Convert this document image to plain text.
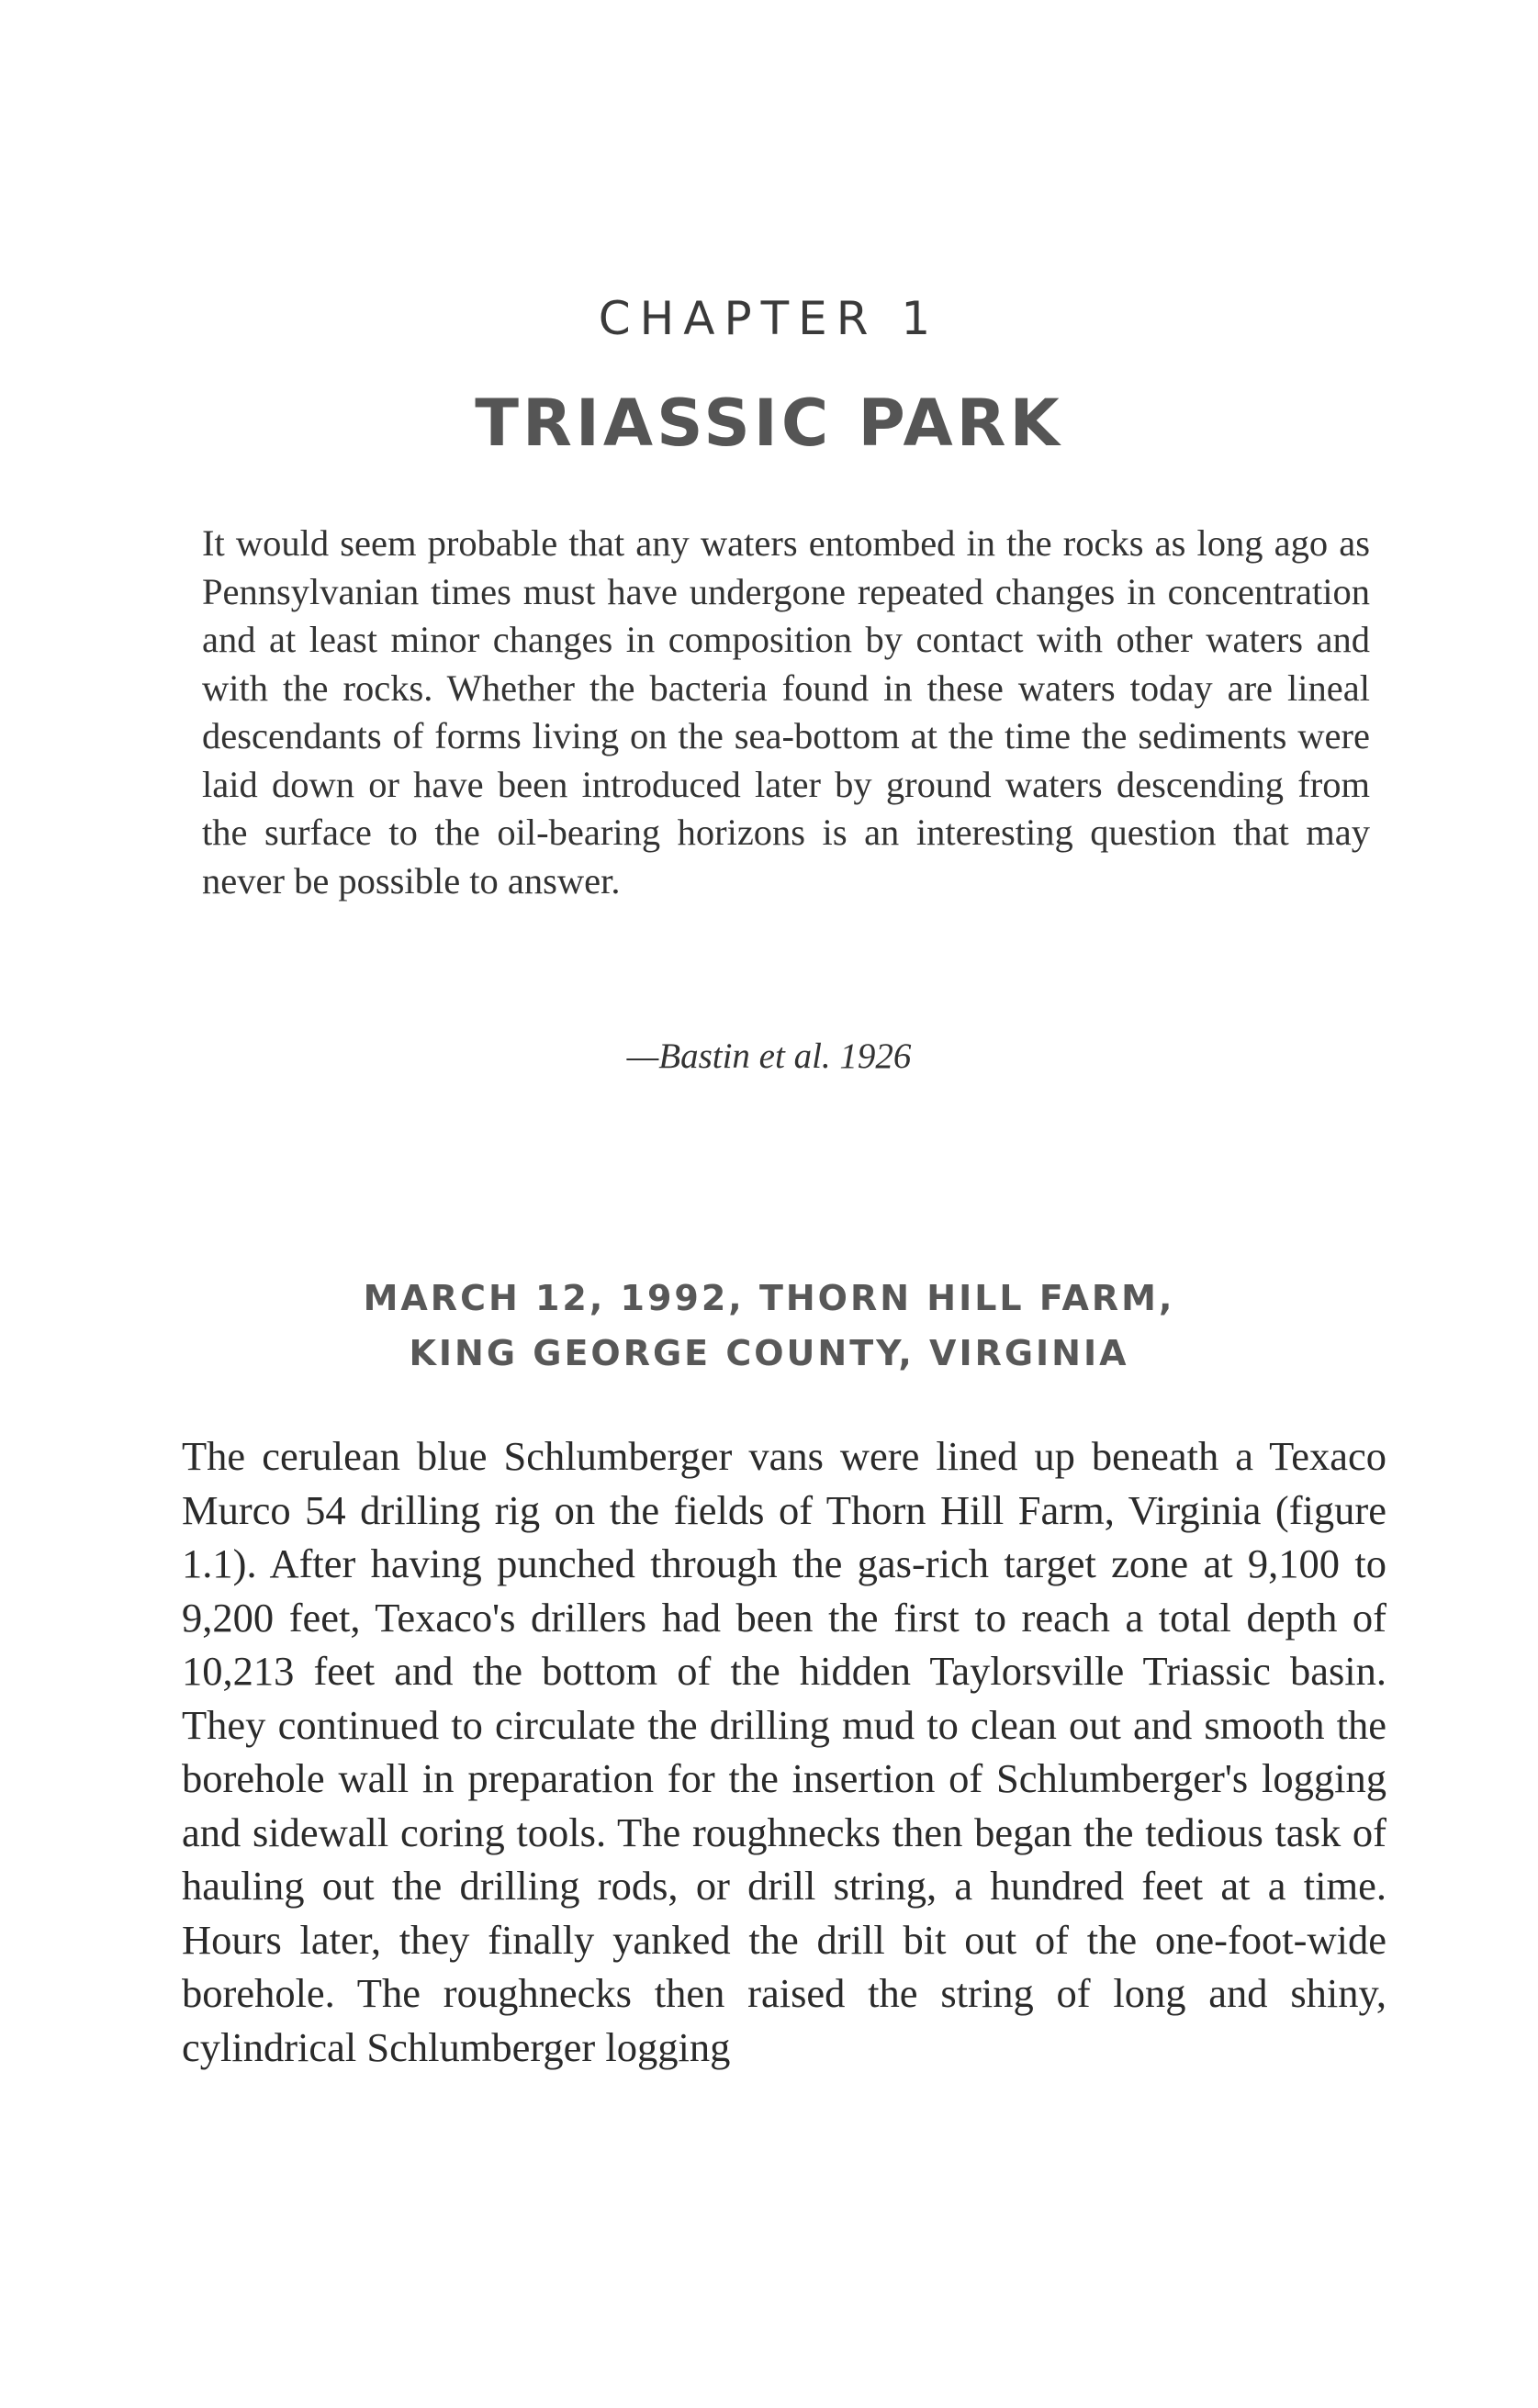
CHAPTER 1
TRIASSIC PARK

It would seem probable that any waters entombed in the rocks as long ago as Pennsylvanian times must have undergone repeated changes in concentration and at least minor changes in composition by contact with other waters and with the rocks. Whether the bacteria found in these waters today are lineal descendants of forms living on the sea-bottom at the time the sediments were laid down or have been introduced later by ground waters descending from the surface to the oil-bearing horizons is an interesting question that may never be possible to answer.

—Bastin et al. 1926
MARCH 12, 1992, THORN HILL FARM,
KING GEORGE COUNTY, VIRGINIA

The cerulean blue Schlumberger vans were lined up beneath a Texaco Murco 54 drilling rig on the fields of Thorn Hill Farm, Virginia (figure 1.1). After having punched through the gas-rich target zone at 9,100 to 9,200 feet, Texaco's drillers had been the first to reach a total depth of 10,213 feet and the bottom of the hidden Taylorsville Triassic basin. They continued to circulate the drilling mud to clean out and smooth the borehole wall in preparation for the insertion of Schlumberger's logging and sidewall coring tools. The roughnecks then began the tedious task of hauling out the drilling rods, or drill string, a hundred feet at a time. Hours later, they finally yanked the drill bit out of the one-foot-wide borehole. The roughnecks then raised the string of long and shiny, cylindrical Schlumberger logging
